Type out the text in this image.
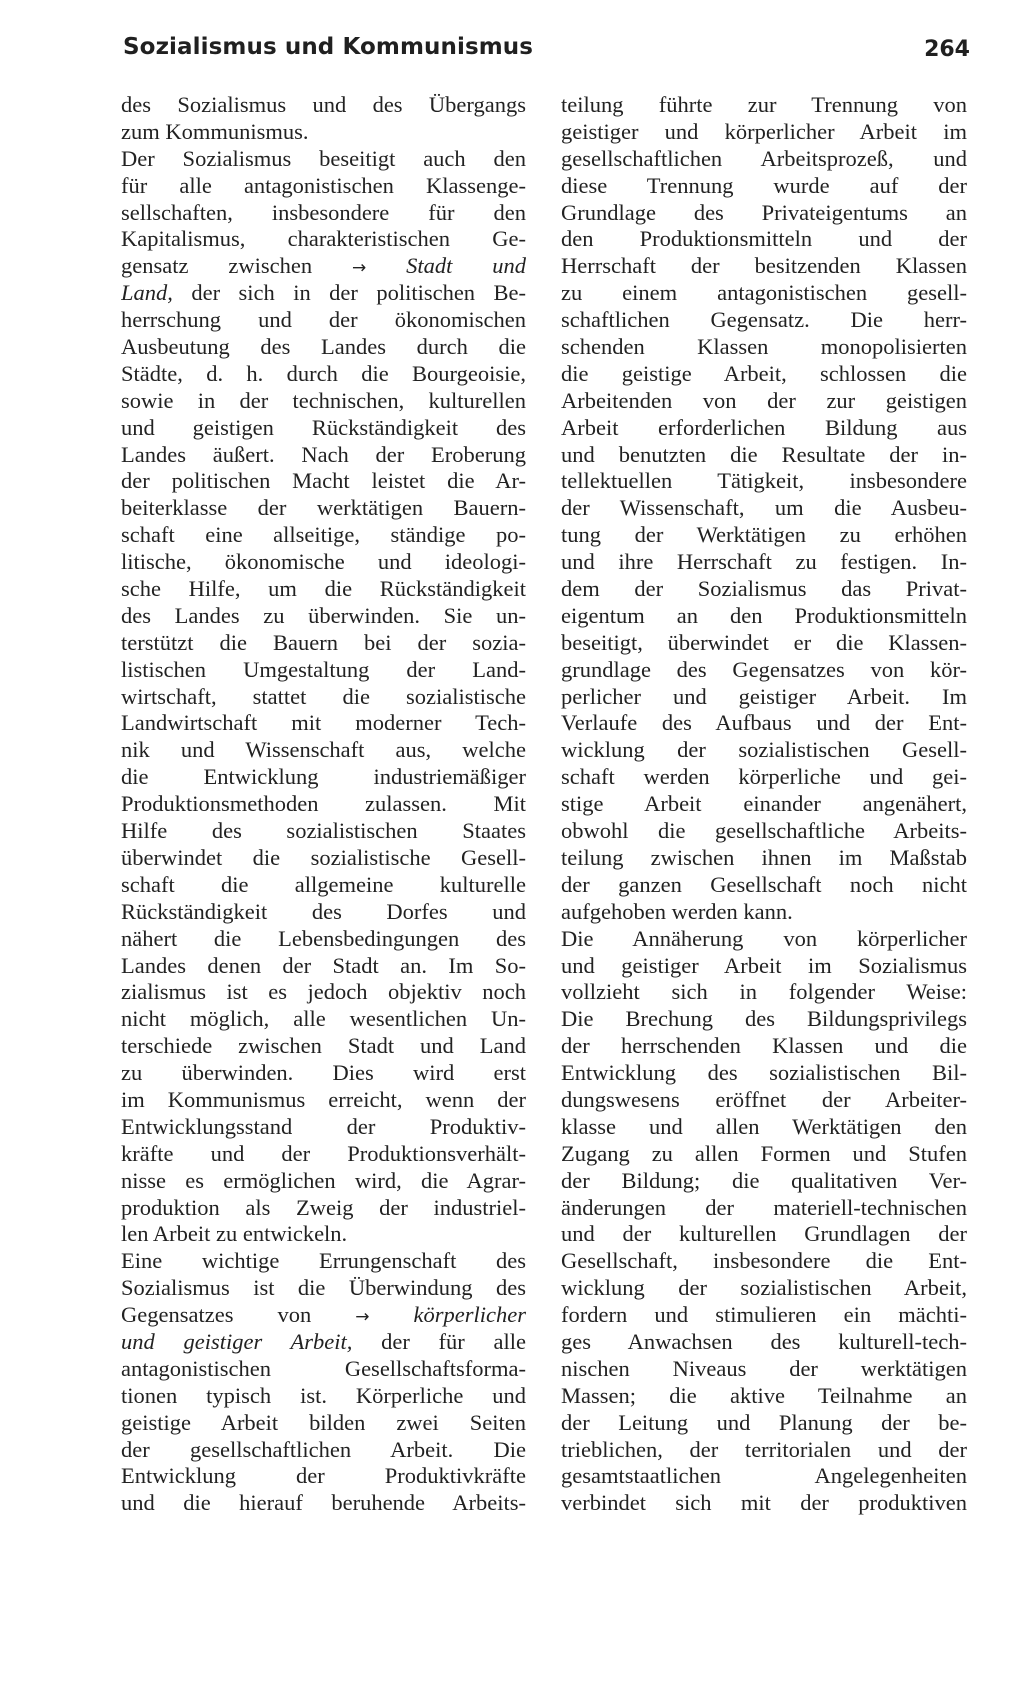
Sozialismus und Kommunismus	264
des Sozialismus und des Übergangs
zum Kommunismus.
Der Sozialismus beseitigt auch den
für alle antagonistischen Klassenge-
sellschaften, insbesondere für den
Kapitalismus, charakteristischen Ge-
gensatz zwischen → Stadt und
Land, der sich in der politischen Be-
herrschung und der ökonomischen
Ausbeutung des Landes durch die
Städte, d. h. durch die Bourgeoisie,
sowie in der technischen, kulturellen
und geistigen Rückständigkeit des
Landes äußert. Nach der Eroberung
der politischen Macht leistet die Ar-
beiterklasse der werktätigen Bauern-
schaft eine allseitige, ständige po-
litische, ökonomische und ideologi-
sche Hilfe, um die Rückständigkeit
des Landes zu überwinden. Sie un-
terstützt die Bauern bei der sozia-
listischen Umgestaltung der Land-
wirtschaft, stattet die sozialistische
Landwirtschaft mit moderner Tech-
nik und Wissenschaft aus, welche
die Entwicklung industriemäßiger
Produktionsmethoden zulassen. Mit
Hilfe des sozialistischen Staates
überwindet die sozialistische Gesell-
schaft die allgemeine kulturelle
Rückständigkeit des Dorfes und
nähert die Lebensbedingungen des
Landes denen der Stadt an. Im So-
zialismus ist es jedoch objektiv noch
nicht möglich, alle wesentlichen Un-
terschiede zwischen Stadt und Land
zu überwinden. Dies wird erst
im Kommunismus erreicht, wenn der
Entwicklungsstand der Produktiv-
kräfte und der Produktionsverhält-
nisse es ermöglichen wird, die Agrar-
produktion als Zweig der industriel-
len Arbeit zu entwickeln.
Eine wichtige Errungenschaft des
Sozialismus ist die Überwindung des
Gegensatzes von → körperlicher
und geistiger Arbeit, der für alle
antagonistischen Gesellschaftsforma-
tionen typisch ist. Körperliche und
geistige Arbeit bilden zwei Seiten
der gesellschaftlichen Arbeit. Die
Entwicklung der Produktivkräfte
und die hierauf beruhende Arbeits-
teilung führte zur Trennung von
geistiger und körperlicher Arbeit im
gesellschaftlichen Arbeitsprozeß, und
diese Trennung wurde auf der
Grundlage des Privateigentums an
den Produktionsmitteln und der
Herrschaft der besitzenden Klassen
zu einem antagonistischen gesell-
schaftlichen Gegensatz. Die herr-
schenden Klassen monopolisierten
die geistige Arbeit, schlossen die
Arbeitenden von der zur geistigen
Arbeit erforderlichen Bildung aus
und benutzten die Resultate der in-
tellektuellen Tätigkeit, insbesondere
der Wissenschaft, um die Ausbeu-
tung der Werktätigen zu erhöhen
und ihre Herrschaft zu festigen. In-
dem der Sozialismus das Privat-
eigentum an den Produktionsmitteln
beseitigt, überwindet er die Klassen-
grundlage des Gegensatzes von kör-
perlicher und geistiger Arbeit. Im
Verlaufe des Aufbaus und der Ent-
wicklung der sozialistischen Gesell-
schaft werden körperliche und gei-
stige Arbeit einander angenähert,
obwohl die gesellschaftliche Arbeits-
teilung zwischen ihnen im Maßstab
der ganzen Gesellschaft noch nicht
aufgehoben werden kann.
Die Annäherung von körperlicher
und geistiger Arbeit im Sozialismus
vollzieht sich in folgender Weise:
Die Brechung des Bildungsprivilegs
der herrschenden Klassen und die
Entwicklung des sozialistischen Bil-
dungswesens eröffnet der Arbeiter-
klasse und allen Werktätigen den
Zugang zu allen Formen und Stufen
der Bildung; die qualitativen Ver-
änderungen der materiell-technischen
und der kulturellen Grundlagen der
Gesellschaft, insbesondere die Ent-
wicklung der sozialistischen Arbeit,
fordern und stimulieren ein mächti-
ges Anwachsen des kulturell-tech-
nischen Niveaus der werktätigen
Massen; die aktive Teilnahme an
der Leitung und Planung der be-
trieblichen, der territorialen und der
gesamtstaatlichen Angelegenheiten
verbindet sich mit der produktiven
